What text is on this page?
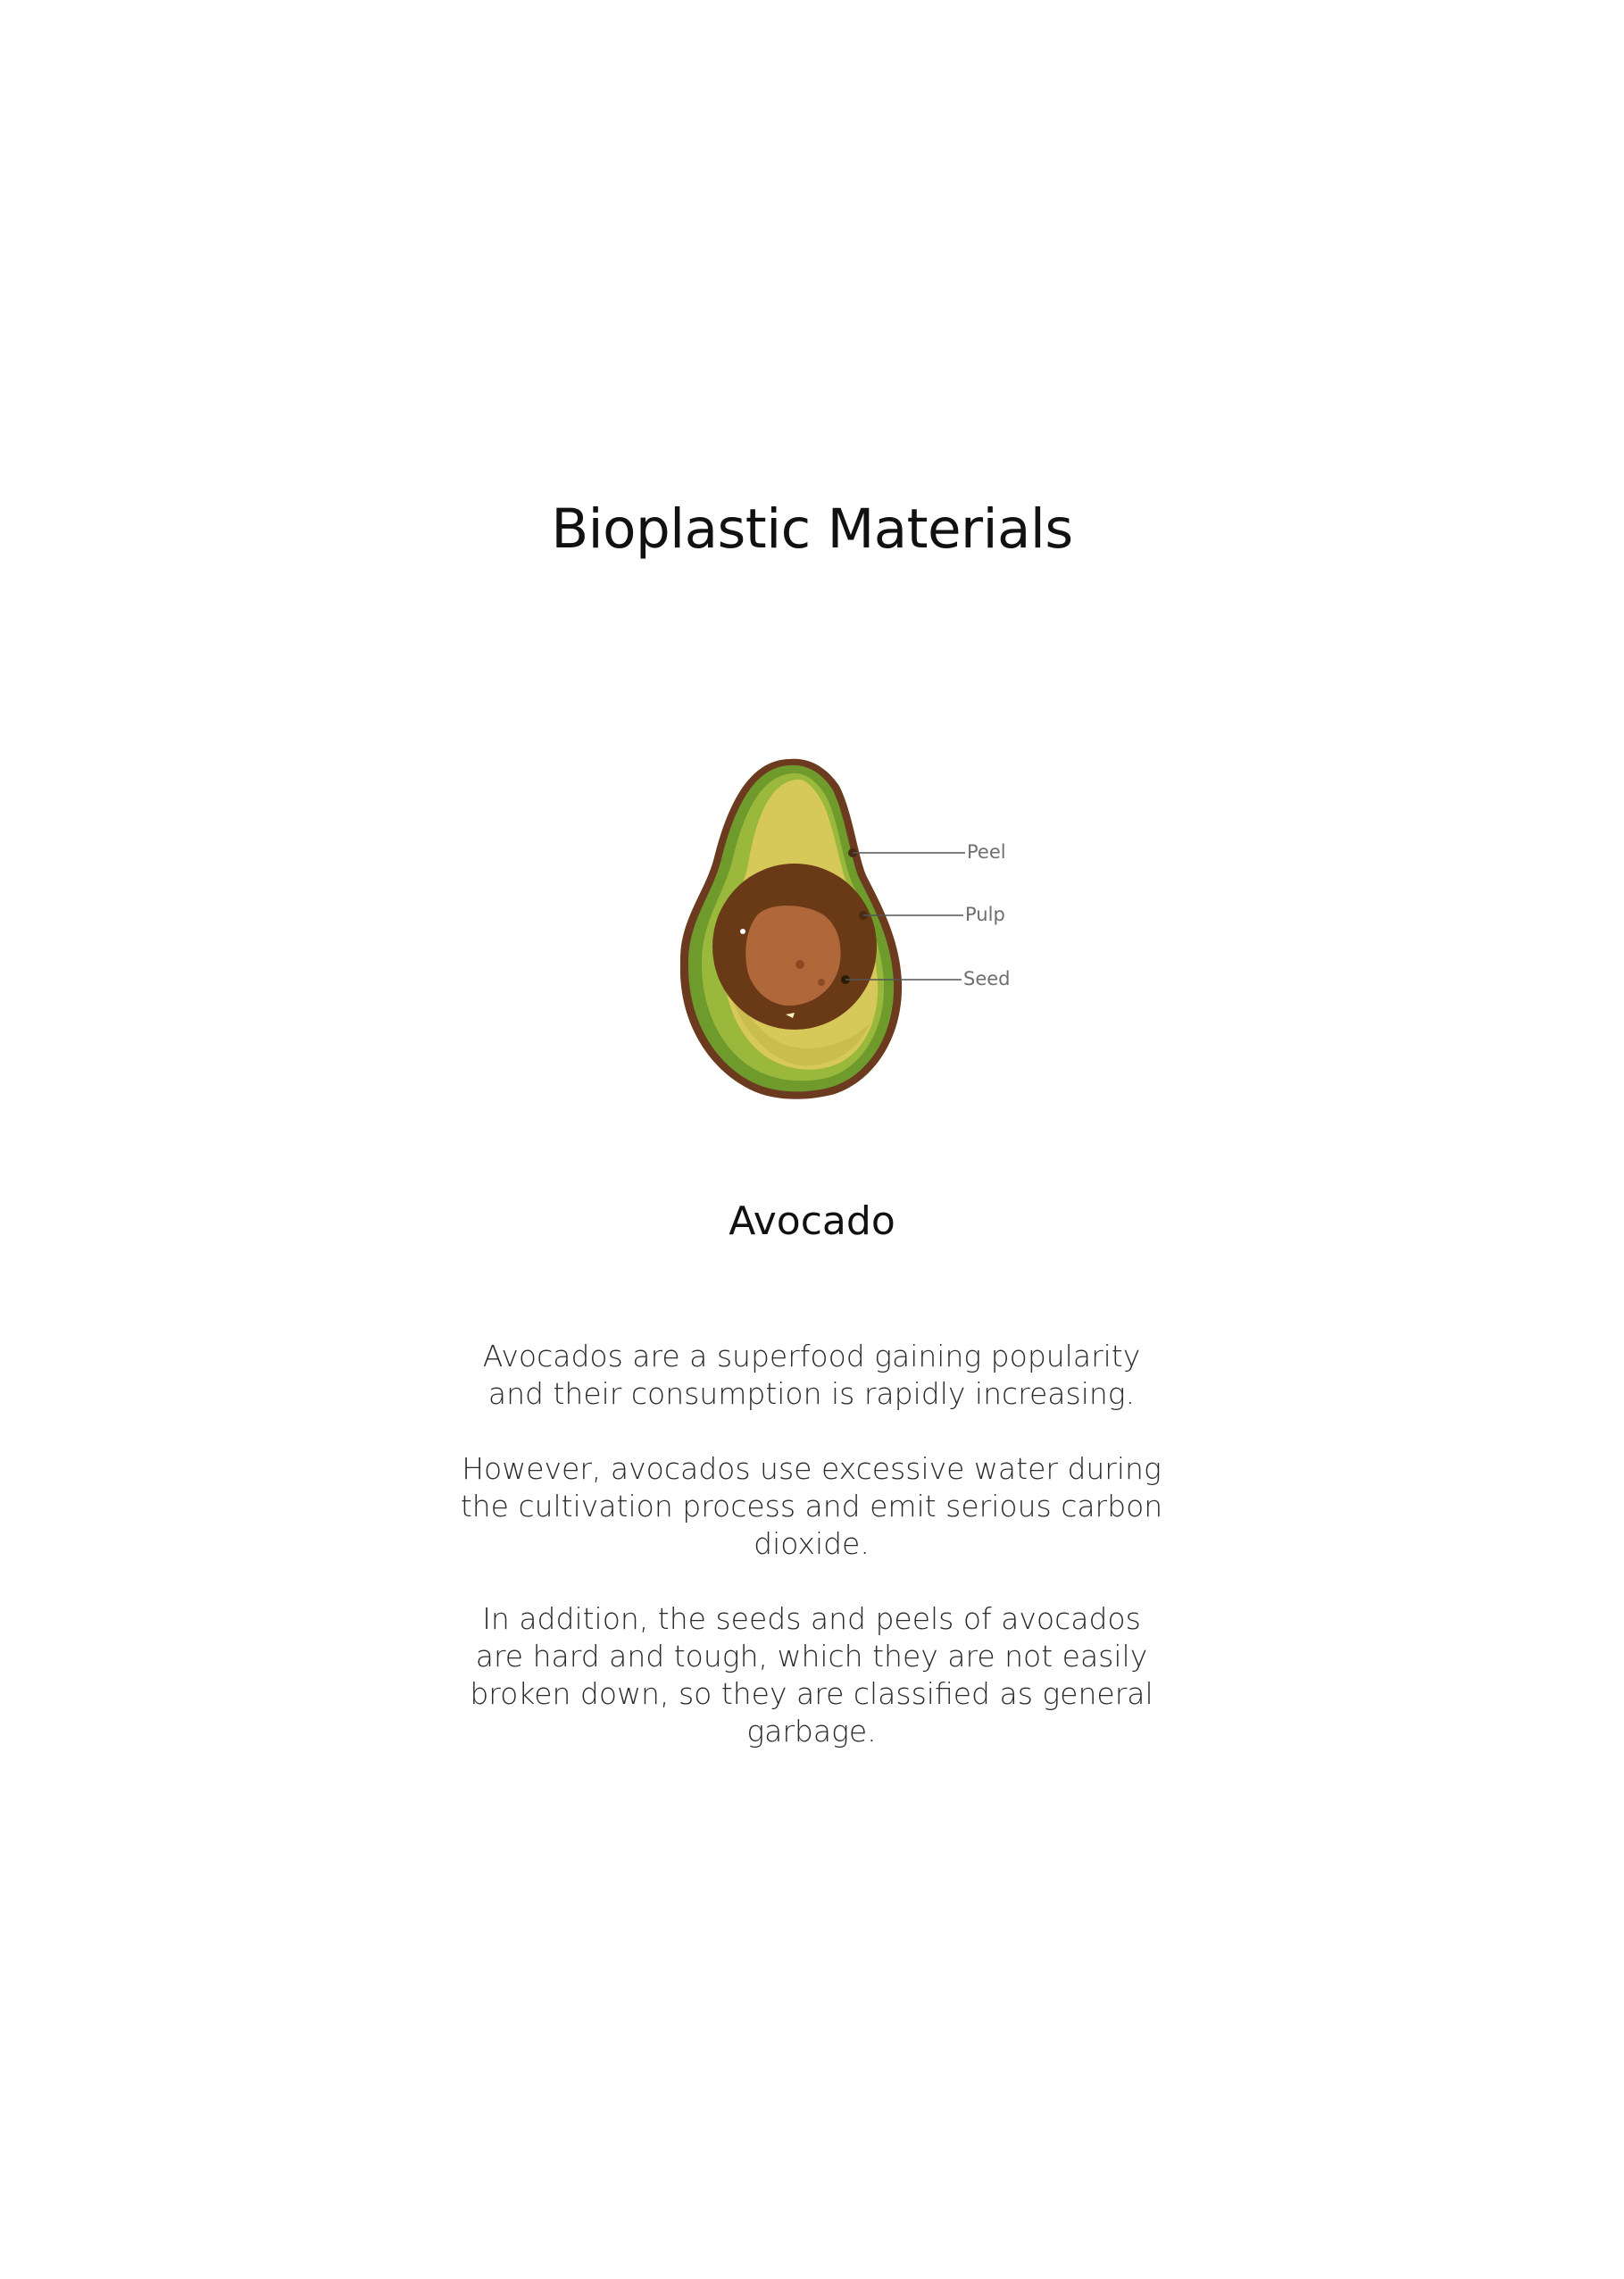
Bioplastic Materials
Peel
Pulp
Seed
Avocado

Avocados are a superfood gaining popularity and their consumption is rapidly increasing.

However, avocados use excessive water during the cultivation process and emit serious carbon dioxide.

In addition, the seeds and peels of avocados are hard and tough, which they are not easily broken down, so they are classified as general garbage.
